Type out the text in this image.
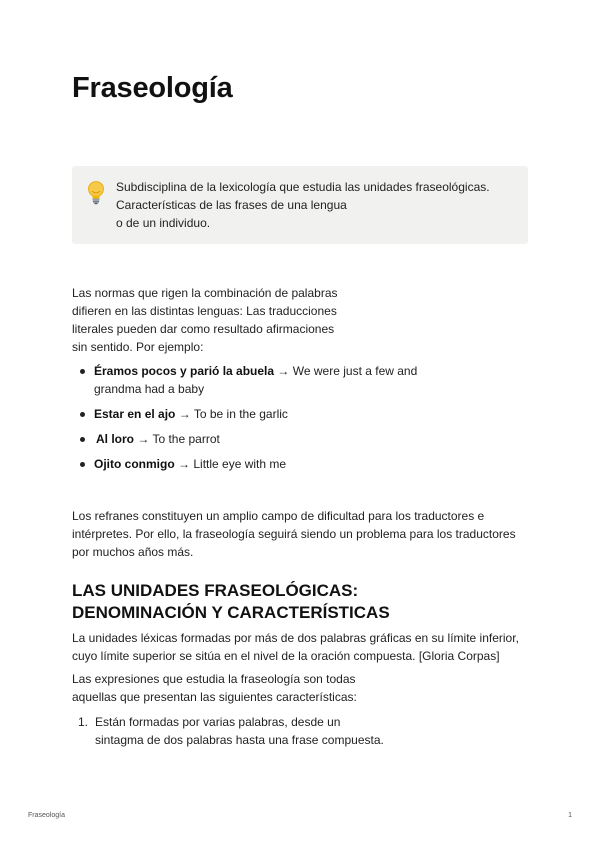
Fraseología
Subdisciplina de la lexicología que estudia las unidades fraseológicas.
Características de las frases de una lengua
o de un individuo.

Las normas que rigen la combinación de palabras
difieren en las distintas lenguas: Las traducciones
literales pueden dar como resultado afirmaciones
sin sentido. Por ejemplo:

Éramos pocos y parió la abuela → We were just a few and
grandma had a baby
Estar en el ajo → To be in the garlic
Al loro → To the parrot
Ojito conmigo → Little eye with me

Los refranes constituyen un amplio campo de dificultad para los traductores e
intérpretes. Por ello, la fraseología seguirá siendo un problema para los traductores
por muchos años más.

LAS UNIDADES FRASEOLÓGICAS:
DENOMINACIÓN Y CARACTERÍSTICAS

La unidades léxicas formadas por más de dos palabras gráficas en su límite inferior,
cuyo límite superior se sitúa en el nivel de la oración compuesta. [Gloria Corpas]

Las expresiones que estudia la fraseología son todas
aquellas que presentan las siguientes características:

1. Están formadas por varias palabras, desde un
sintagma de dos palabras hasta una frase compuesta.
Fraseología	1
